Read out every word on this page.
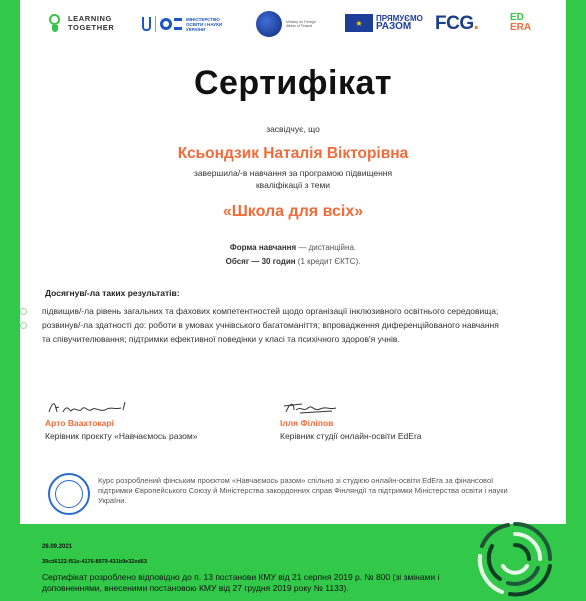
LEARNING
TOGETHER
МІНІСТЕРСТВО ОСВІТИ І НАУКИ УКРАЇНИ
Ministry for Foreign Affairs of Finland	★	ПРЯМУЄМО
РАЗОМ	FCG .	ED
ERA
Сертифікат
засвідчує, що
Ксьондзик Наталія Вікторівна
завершила/-в навчання за програмою підвищення
кваліфікації з теми
«Школа для всіх»
Форма навчання — дистанційна.
Обсяг — 30 годин (1 кредит ЄКТС).
Досягнув/-ла таких результатів:
підвищив/-ла рівень загальних та фахових компетентностей щодо організації інклюзивного освітнього середовища;
розвинув/-ла здатності до: роботи в умовах учнівського багатоманіття; впровадження диференційованого навчання та співучителювання; підтримки ефективної поведінки у класі та психічного здоров'я учнів.
Арто Ваахтокарі
Керівник проєкту «Навчаємось разом»
Ілля Філіпов
Керівник студії онлайн-освіти EdEra
Курс розроблений фінським проєктом «Навчаємось разом» спільно зі студією онлайн-освіти EdEra за фінансової підтримки Європейського Союзу й Міністерства закордонних справ Фінляндії та підтримки Міністерства освіти і науки України.
26.09.2021
39cd6122-f51e-4176-8979-431b9e32ed63
Сертифікат розроблено відповідно до п. 13 постанови КМУ від 21 серпня 2019 р. № 800 (зі змінами і доповненнями, внесеними постановою КМУ від 27 грудня 2019 року № 1133).
